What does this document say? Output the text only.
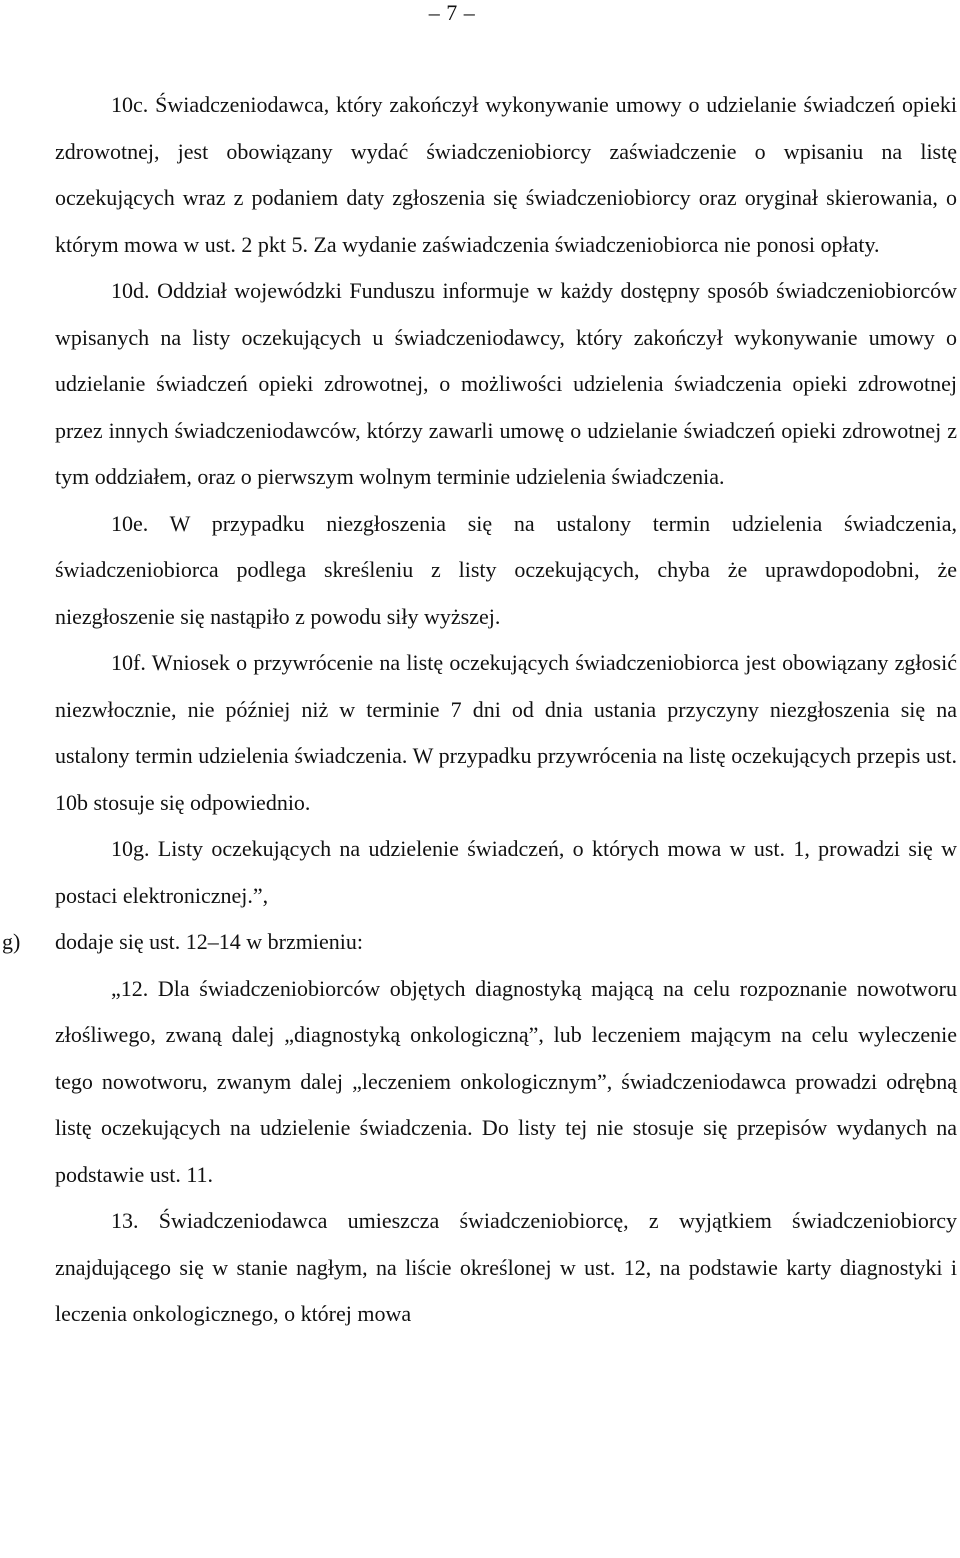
– 7 –

10c. Świadczeniodawca, który zakończył wykonywanie umowy o udzielanie świadczeń opieki zdrowotnej, jest obowiązany wydać świadczeniobiorcy zaświadczenie o wpisaniu na listę oczekujących wraz z podaniem daty zgłoszenia się świadczeniobiorcy oraz oryginał skierowania, o którym mowa w ust. 2 pkt 5. Za wydanie zaświadczenia świadczeniobiorca nie ponosi opłaty.

10d. Oddział wojewódzki Funduszu informuje w każdy dostępny sposób świadczeniobiorców wpisanych na listy oczekujących u świadczeniodawcy, który zakończył wykonywanie umowy o udzielanie świadczeń opieki zdrowotnej, o możliwości udzielenia świadczenia opieki zdrowotnej przez innych świadczeniodawców, którzy zawarli umowę o udzielanie świadczeń opieki zdrowotnej z tym oddziałem, oraz o pierwszym wolnym terminie udzielenia świadczenia.

10e. W przypadku niezgłoszenia się na ustalony termin udzielenia świadczenia, świadczeniobiorca podlega skreśleniu z listy oczekujących, chyba że uprawdopodobni, że niezgłoszenie się nastąpiło z powodu siły wyższej.

10f. Wniosek o przywrócenie na listę oczekujących świadczeniobiorca jest obowiązany zgłosić niezwłocznie, nie później niż w terminie 7 dni od dnia ustania przyczyny niezgłoszenia się na ustalony termin udzielenia świadczenia. W przypadku przywrócenia na listę oczekujących przepis ust. 10b stosuje się odpowiednio.

10g. Listy oczekujących na udzielenie świadczeń, o których mowa w ust. 1, prowadzi się w postaci elektronicznej.”,

g) dodaje się ust. 12–14 w brzmieniu:

„12. Dla świadczeniobiorców objętych diagnostyką mającą na celu rozpoznanie nowotworu złośliwego, zwaną dalej „diagnostyką onkologiczną”, lub leczeniem mającym na celu wyleczenie tego nowotworu, zwanym dalej „leczeniem onkologicznym”, świadczeniodawca prowadzi odrębną listę oczekujących na udzielenie świadczenia. Do listy tej nie stosuje się przepisów wydanych na podstawie ust. 11.

13. Świadczeniodawca umieszcza świadczeniobiorcę, z wyjątkiem świadczeniobiorcy znajdującego się w stanie nagłym, na liście określonej w ust. 12, na podstawie karty diagnostyki i leczenia onkologicznego, o której mowa
